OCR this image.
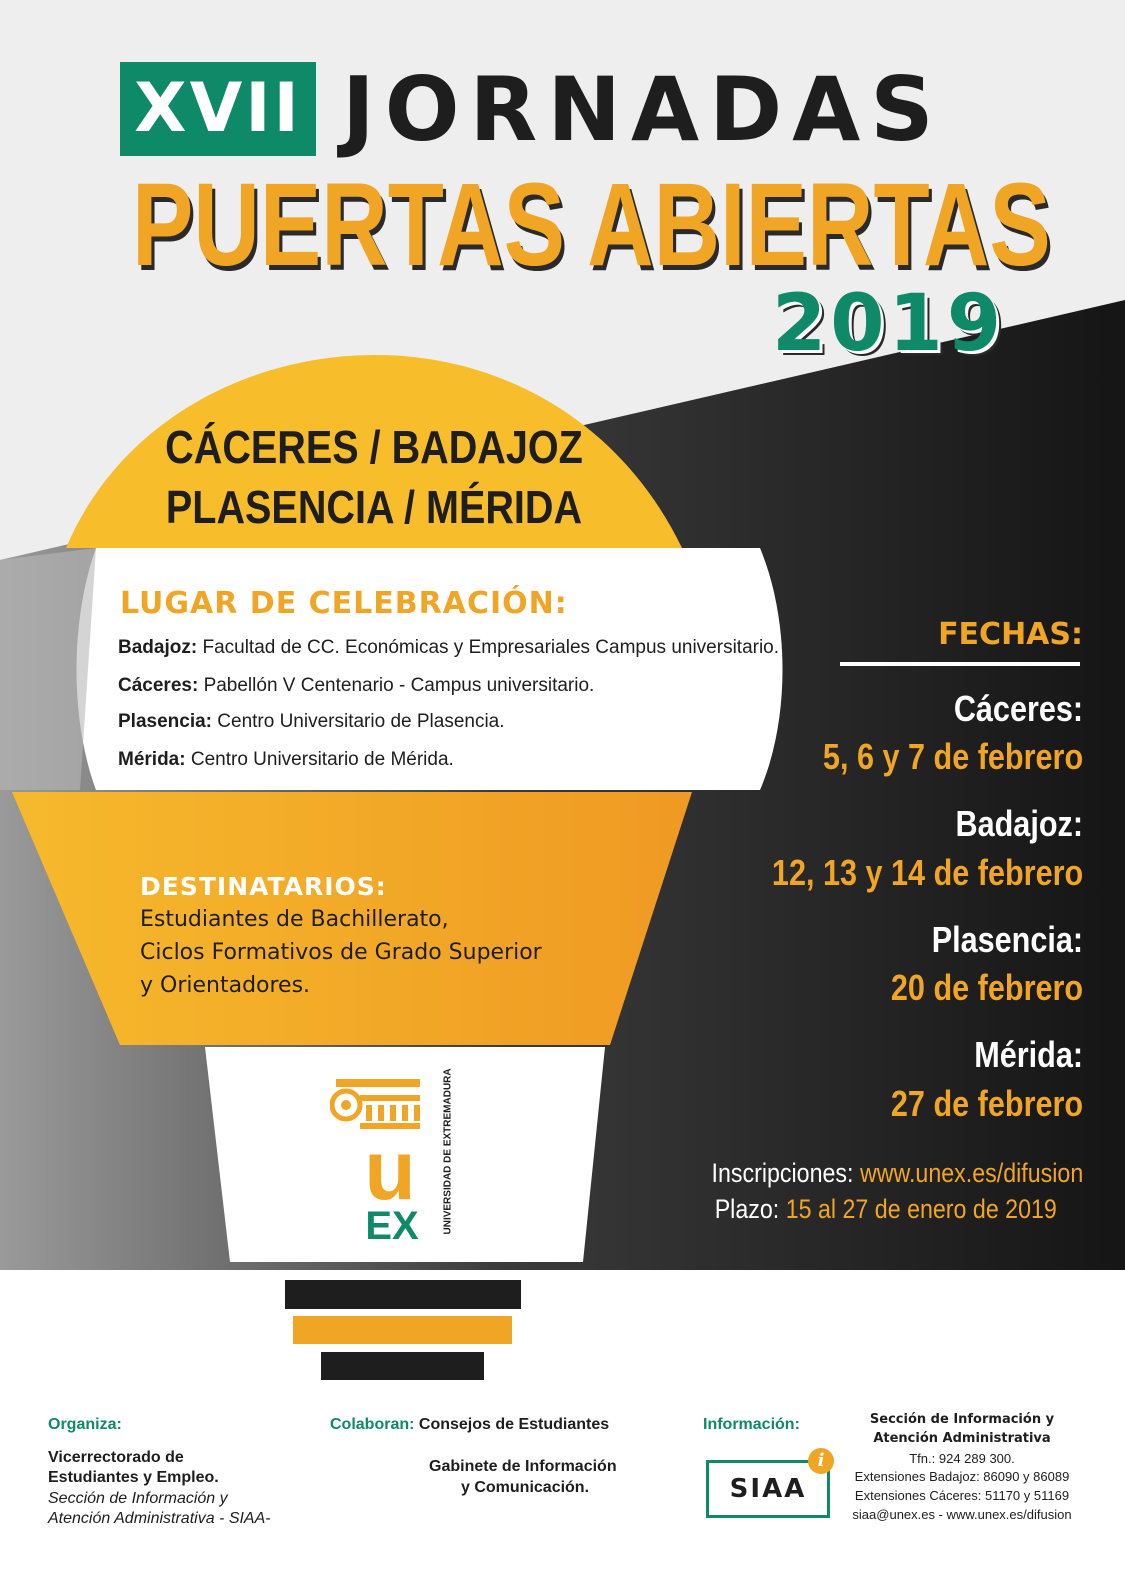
XVII JORNADAS
PUERTAS ABIERTAS
2019
CÁCERES / BADAJOZ
PLASENCIA / MÉRIDA
LUGAR DE CELEBRACIÓN:
Badajoz: Facultad de CC. Económicas y Empresariales Campus universitario.
Cáceres: Pabellón V Centenario - Campus universitario.
Plasencia: Centro Universitario de Plasencia.
Mérida: Centro Universitario de Mérida.
DESTINATARIOS:
Estudiantes de Bachillerato,
Ciclos Formativos de Grado Superior
y Orientadores.
u
EX UNIVERSIDAD DE EXTREMADURA
FECHAS:
Cáceres:
5, 6 y 7 de febrero
Badajoz:
12, 13 y 14 de febrero
Plasencia:
20 de febrero
Mérida:
27 de febrero
Inscripciones: www.unex.es/difusion
Plazo: 15 al 27 de enero de 2019
Organiza:
Vicerrectorado de
Estudiantes y Empleo.
Sección de Información y
Atención Administrativa - SIAA-
Colaboran: Consejos de Estudiantes
Gabinete de Información
y Comunicación.
Información:
SIAA
i
Sección de Información y
Atención Administrativa
Tfn.: 924 289 300.
Extensiones Badajoz: 86090 y 86089
Extensiones Cáceres: 51170 y 51169
siaa@unex.es - www.unex.es/difusion
